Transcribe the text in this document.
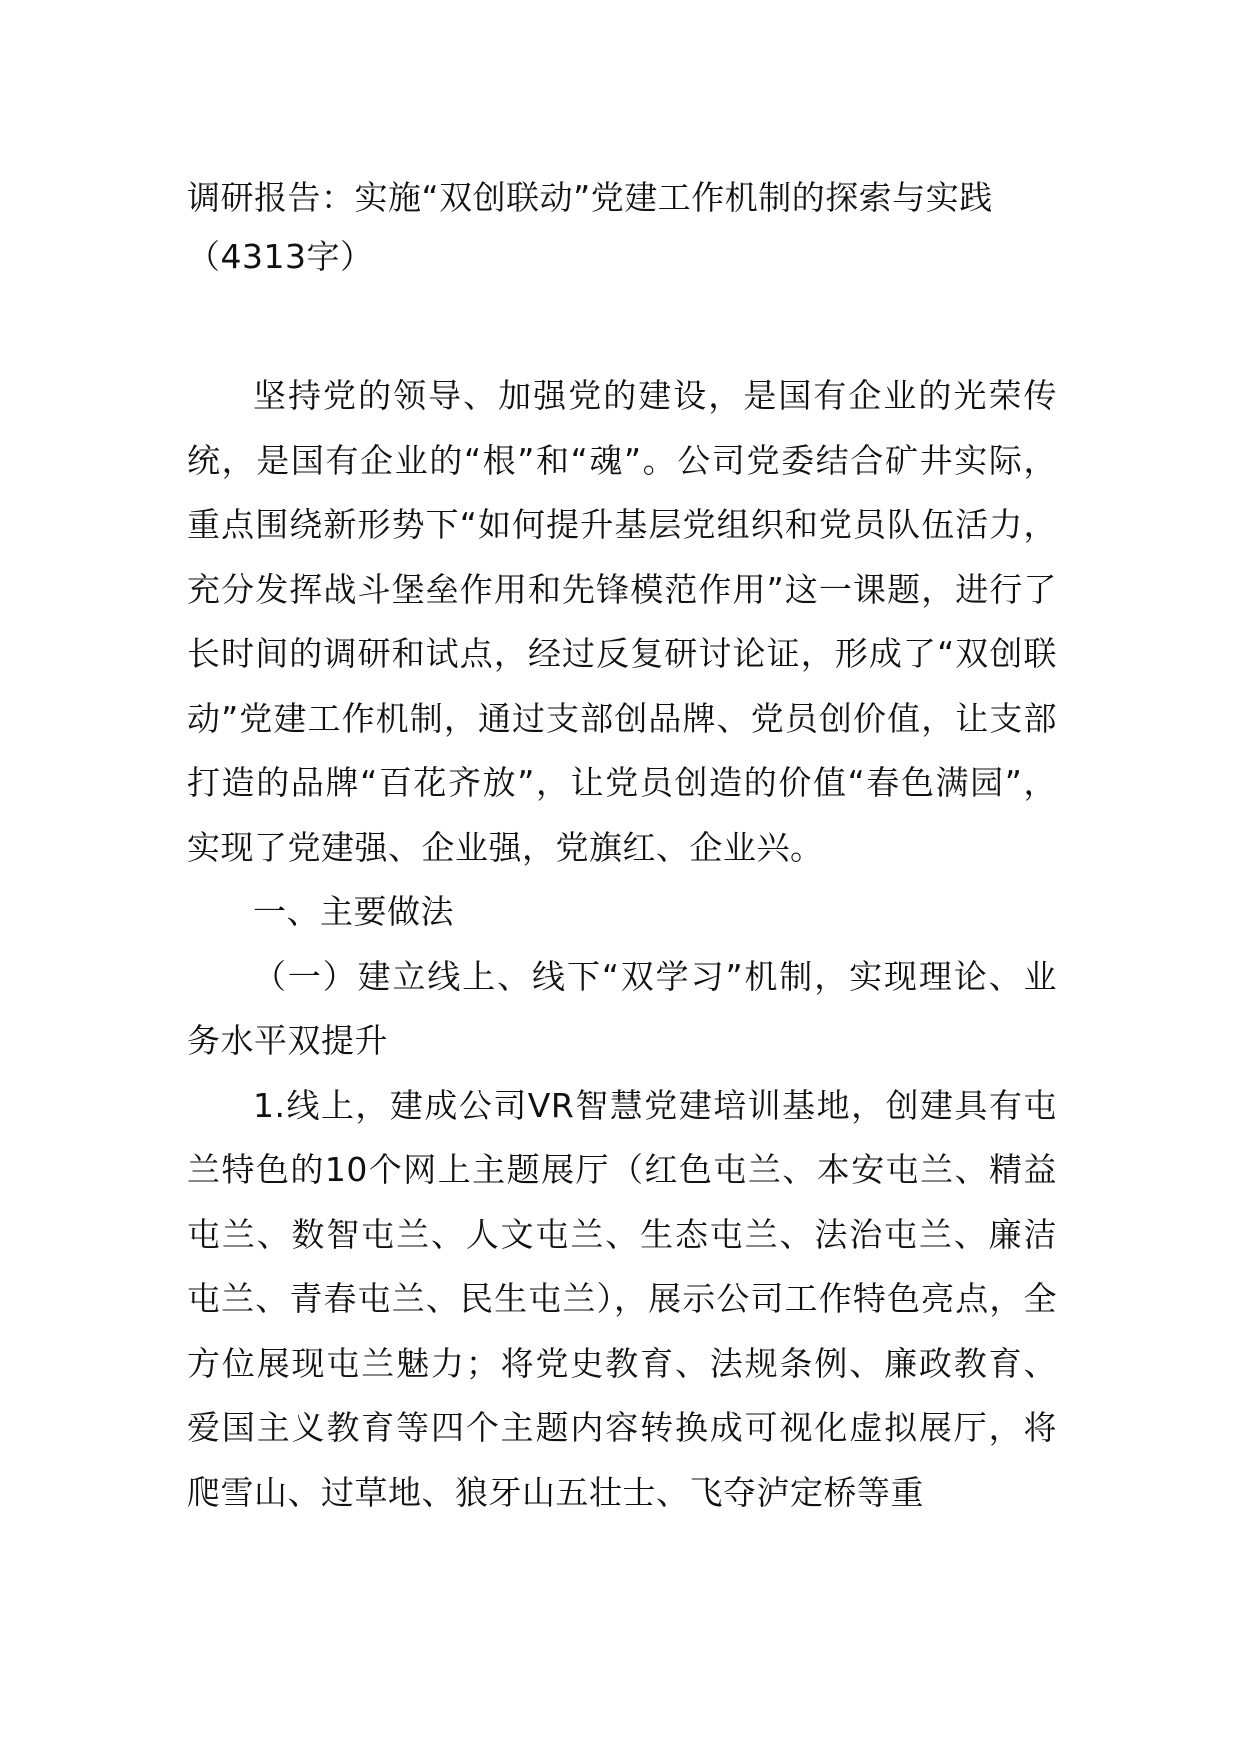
调研报告：实施“双创联动”党建工作机制的探索与实践（4313字）

坚持党的领导、加强党的建设，是国有企业的光荣传统，是国有企业的“根”和“魂”。公司党委结合矿井实际，重点围绕新形势下“如何提升基层党组织和党员队伍活力，充分发挥战斗堡垒作用和先锋模范作用”这一课题，进行了长时间的调研和试点，经过反复研讨论证，形成了“双创联动”党建工作机制，通过支部创品牌、党员创价值，让支部打造的品牌“百花齐放”，让党员创造的价值“春色满园”，实现了党建强、企业强，党旗红、企业兴。

一、主要做法

（一）建立线上、线下“双学习”机制，实现理论、业务水平双提升

1.线上，建成公司VR智慧党建培训基地，创建具有屯兰特色的10个网上主题展厅（红色屯兰、本安屯兰、精益屯兰、数智屯兰、人文屯兰、生态屯兰、法治屯兰、廉洁屯兰、青春屯兰、民生屯兰），展示公司工作特色亮点，全方位展现屯兰魅力；将党史教育、法规条例、廉政教育、爱国主义教育等四个主题内容转换成可视化虚拟展厅，将爬雪山、过草地、狼牙山五壮士、飞夺泸定桥等重
